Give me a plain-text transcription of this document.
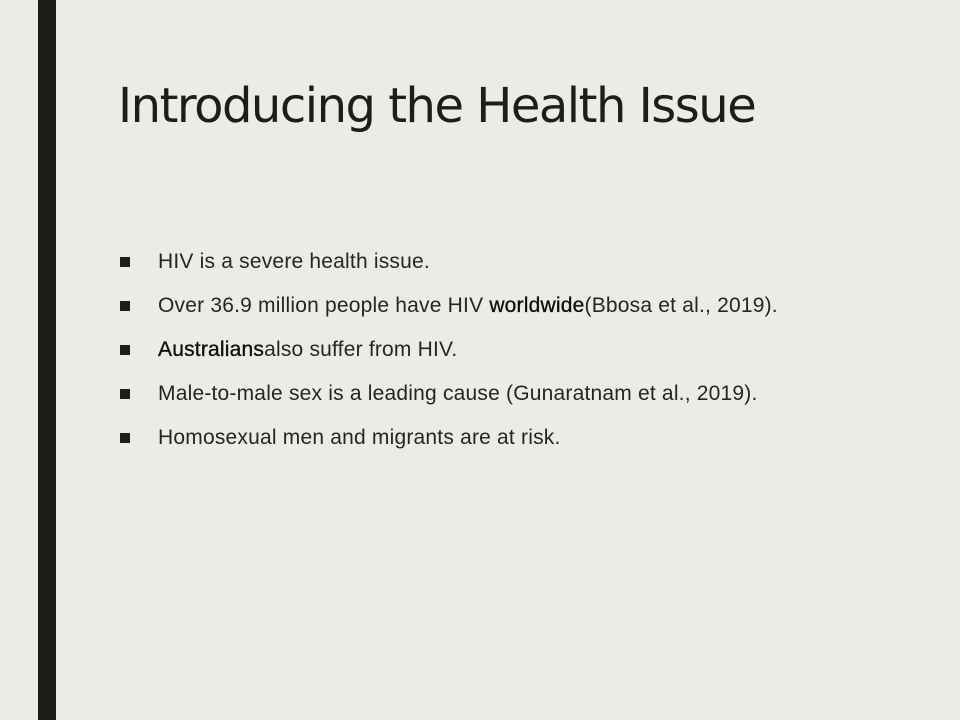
Introducing the Health Issue
HIV is a severe health issue.
Over 36.9 million people have HIV worldwide(Bbosa et al., 2019).
Australiansalso suffer from HIV.
Male-to-male sex is a leading cause (Gunaratnam et al., 2019).
Homosexual men and migrants are at risk.
